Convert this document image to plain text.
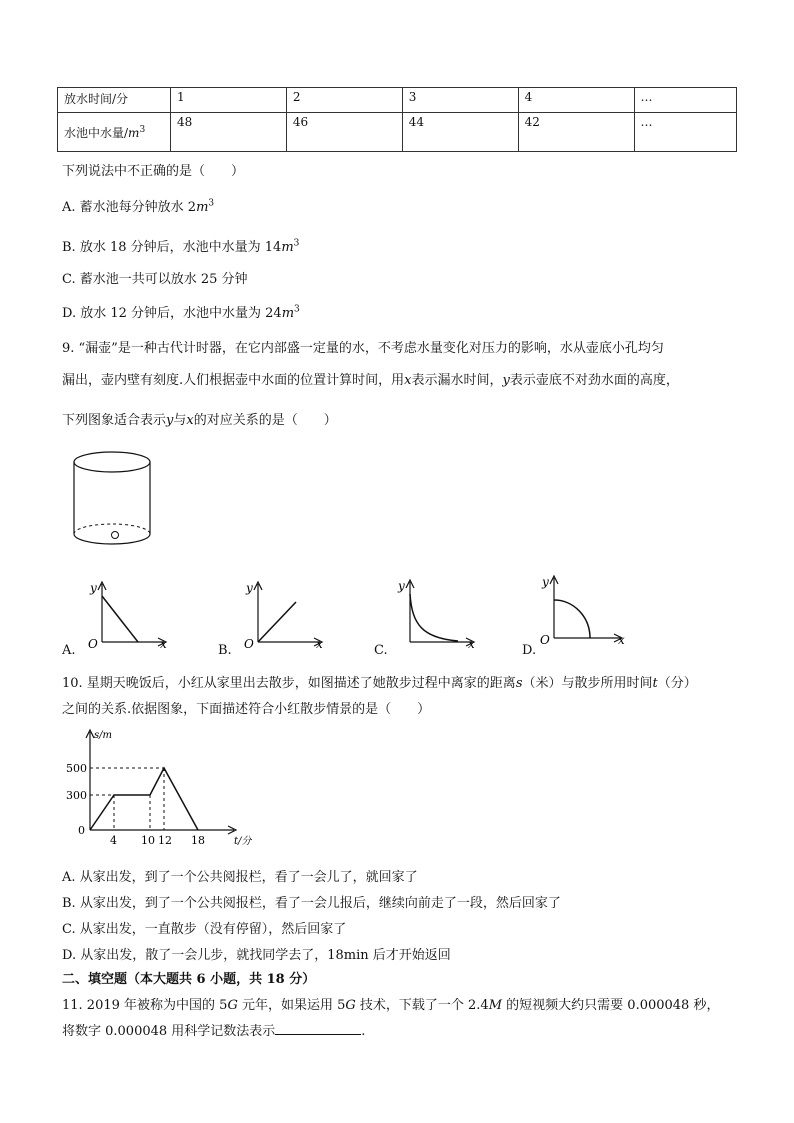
放水时间/分	1	2	3	4	…
水池中水量$/m^3$	48	46	44	42	…
下列说法中不正确的是（　　）
A. 蓄水池每分钟放水 $2m^3$
B. 放水 18 分钟后，水池中水量为 $14m^3$
C. 蓄水池一共可以放水 25 分钟
D. 放水 12 分钟后，水池中水量为 $24m^3$
9. “漏壶”是一种古代计时器，在它内部盛一定量的水，不考虑水量变化对压力的影响，水从壶底小孔均匀
漏出，壶内壁有刻度.人们根据壶中水面的位置计算时间，用x表示漏水时间，y表示壶底不对劲水面的高度，
下列图象适合表示y与x的对应关系的是（　　）
A.
y
x
O	B.
y
x
O	C.
y
x	D.
y
x
O
10. 星期天晚饭后，小红从家里出去散步，如图描述了她散步过程中离家的距离s（米）与散步所用时间t（分）
之间的关系.依据图象，下面描述符合小红散步情景的是（　　）
s/m
t/分
500
300
0
4 10 12 18
A. 从家出发，到了一个公共阅报栏，看了一会儿了，就回家了
B. 从家出发，到了一个公共阅报栏，看了一会儿报后，继续向前走了一段，然后回家了
C. 从家出发，一直散步（没有停留），然后回家了
D. 从家出发，散了一会儿步，就找同学去了，18min 后才开始返回
二、填空题（本大题共 6 小题，共 18 分）
11. 2019 年被称为中国的 5G 元年，如果运用 5G 技术，下载了一个 2.4M 的短视频大约只需要 0.000048 秒，
将数字 0.000048 用科学记数法表示	.
